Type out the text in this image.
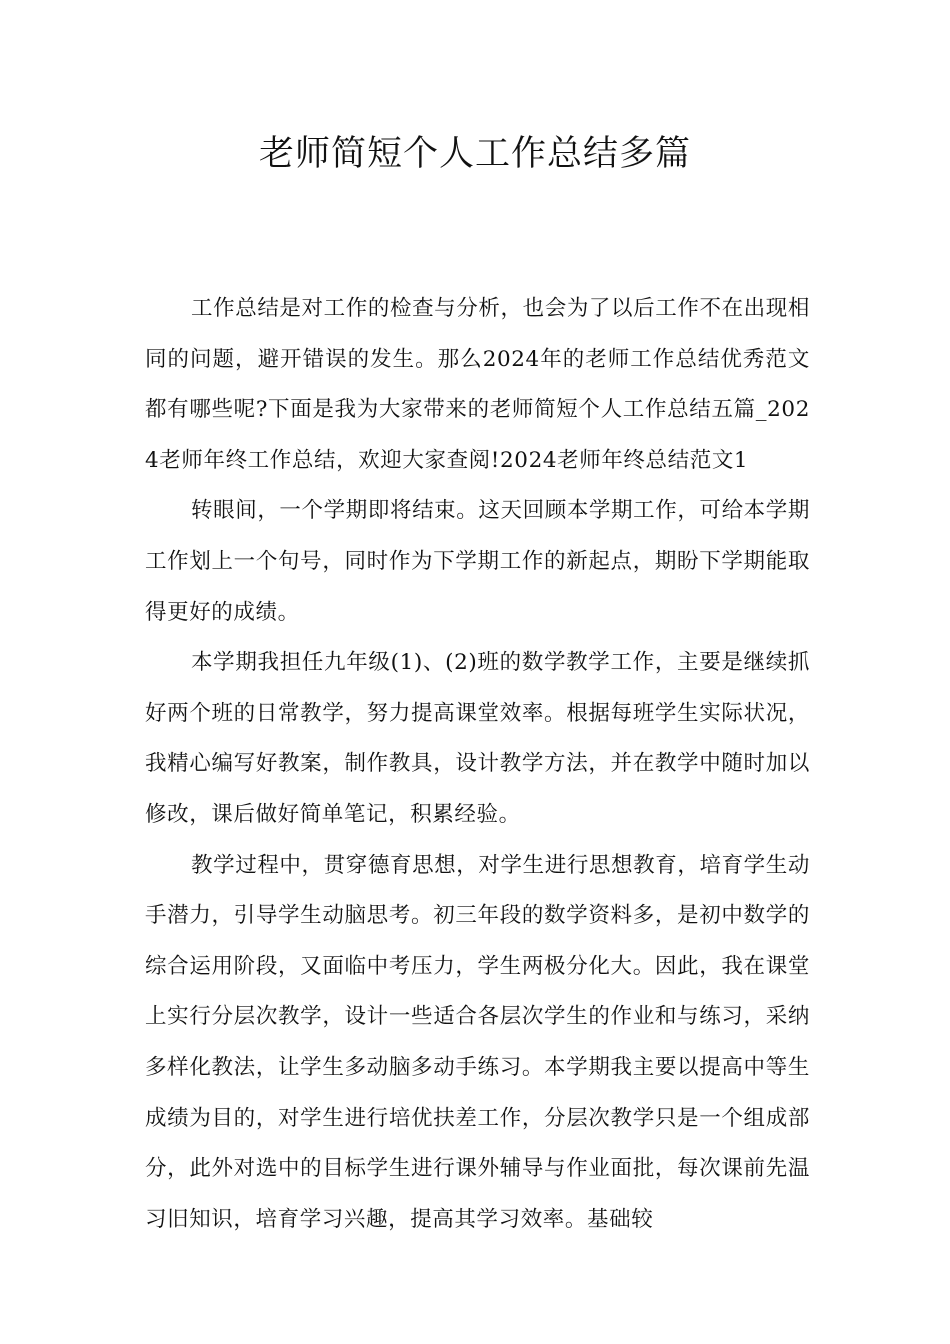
老师简短个人工作总结多篇

工作总结是对工作的检查与分析，也会为了以后工作不在出现相同的问题，避开错误的发生。那么2024年的老师工作总结优秀范文都有哪些呢?下面是我为大家带来的老师简短个人工作总结五篇_2024老师年终工作总结，欢迎大家查阅!2024老师年终总结范文1

转眼间，一个学期即将结束。这天回顾本学期工作，可给本学期工作划上一个句号，同时作为下学期工作的新起点，期盼下学期能取得更好的成绩。

本学期我担任九年级(1)、(2)班的数学教学工作，主要是继续抓好两个班的日常教学，努力提高课堂效率。根据每班学生实际状况，我精心编写好教案，制作教具，设计教学方法，并在教学中随时加以修改，课后做好简单笔记，积累经验。

教学过程中，贯穿德育思想，对学生进行思想教育，培育学生动手潜力，引导学生动脑思考。初三年段的数学资料多，是初中数学的综合运用阶段，又面临中考压力，学生两极分化大。因此，我在课堂上实行分层次教学，设计一些适合各层次学生的作业和与练习，采纳多样化教法，让学生多动脑多动手练习。本学期我主要以提高中等生成绩为目的，对学生进行培优扶差工作，分层次教学只是一个组成部分，此外对选中的目标学生进行课外辅导与作业面批，每次课前先温习旧知识，培育学习兴趣，提高其学习效率。基础较
